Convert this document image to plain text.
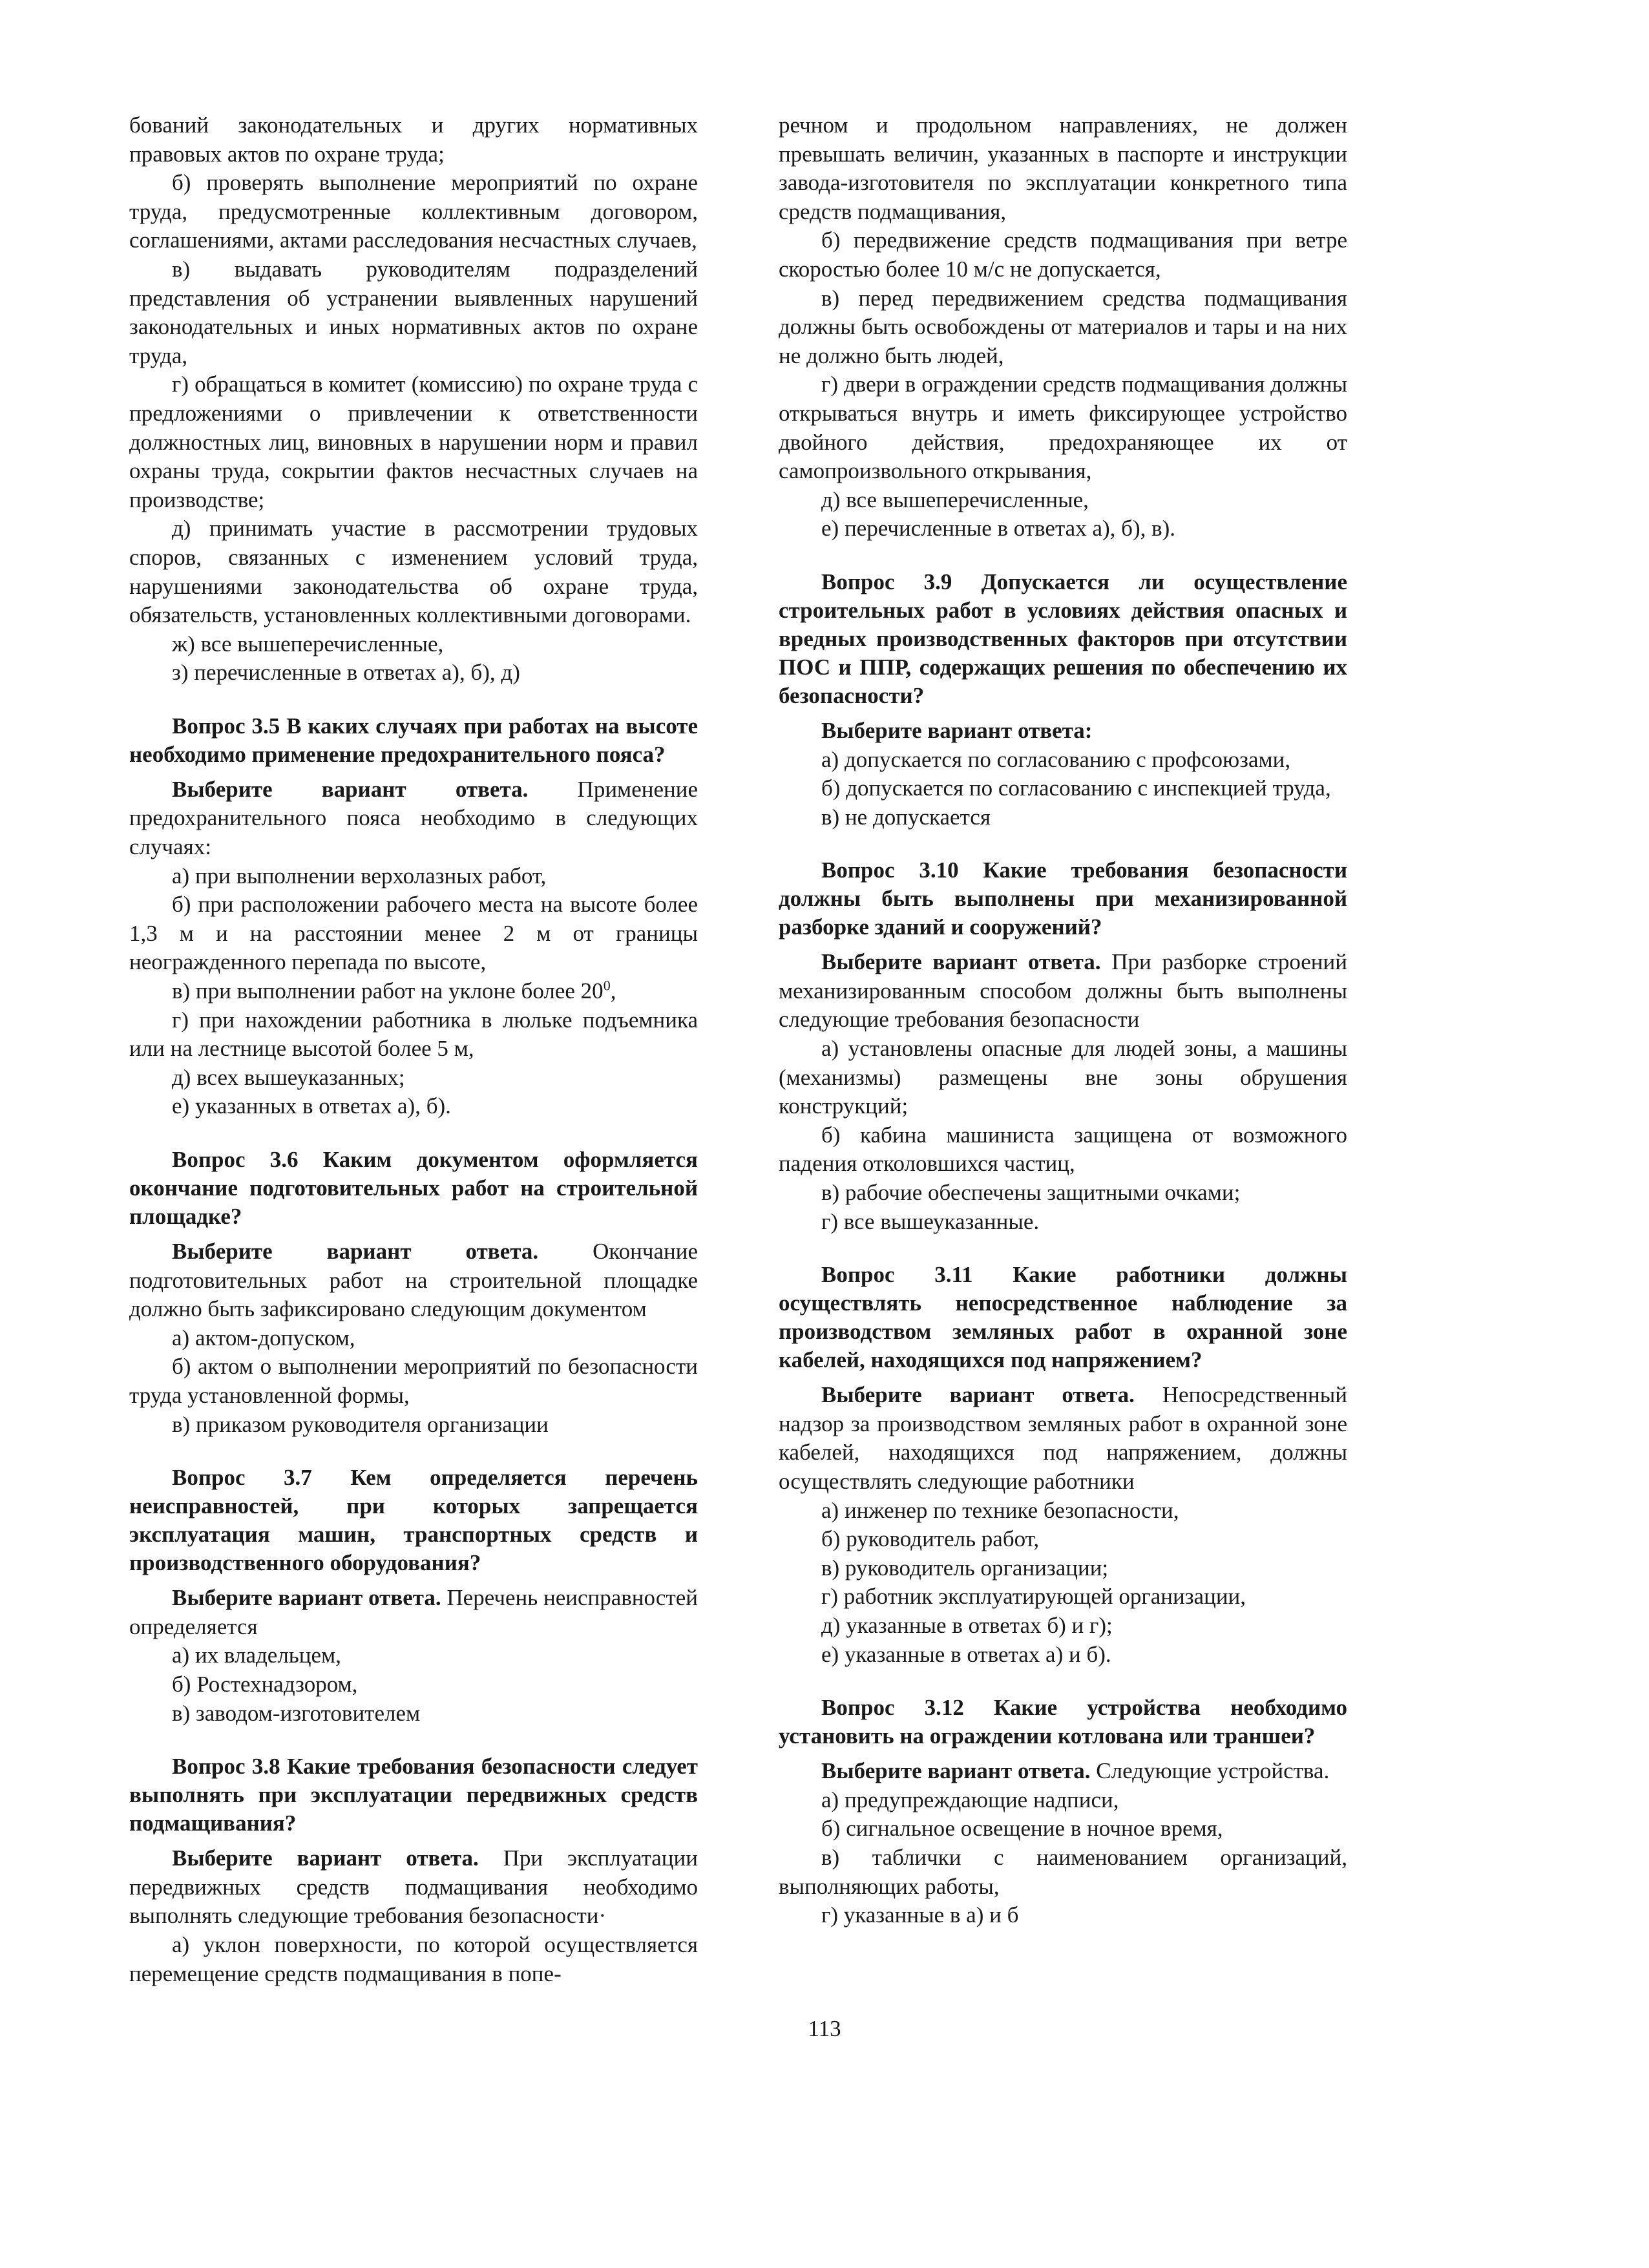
бований законодательных и других нормативных правовых актов по охране труда;

б) проверять выполнение мероприятий по охране труда, предусмотренные коллективным договором, соглашениями, актами расследования несчастных случаев,

в) выдавать руководителям подразделений представления об устранении выявленных нарушений законодательных и иных нормативных актов по охране труда,

г) обращаться в комитет (комиссию) по охране труда с предложениями о привлечении к ответственности должностных лиц, виновных в нарушении норм и правил охраны труда, сокрытии фактов несчастных случаев на производстве;

д) принимать участие в рассмотрении трудовых споров, связанных с изменением условий труда, нарушениями законодательства об охране труда, обязательств, установленных коллективными договорами.

ж) все вышеперечисленные,

з) перечисленные в ответах а), б), д)

Вопрос 3.5 В каких случаях при работах на высоте необходимо применение предохранительного пояса?

Выберите вариант ответа. Применение предохранительного пояса необходимо в следующих случаях:

а) при выполнении верхолазных работ,

б) при расположении рабочего места на высоте более 1,3 м и на расстоянии менее 2 м от границы неогражденного перепада по высоте,

в) при выполнении работ на уклоне более $20^0$,

г) при нахождении работника в люльке подъемника или на лестнице высотой более 5 м,

д) всех вышеуказанных;

е) указанных в ответах а), б).

Вопрос 3.6 Каким документом оформляется окончание подготовительных работ на строительной площадке?

Выберите вариант ответа. Окончание подготовительных работ на строительной площадке должно быть зафиксировано следующим документом

а) актом-допуском,

б) актом о выполнении мероприятий по безопасности труда установленной формы,

в) приказом руководителя организации

Вопрос 3.7 Кем определяется перечень неисправностей, при которых запрещается эксплуатация машин, транспортных средств и производственного оборудования?

Выберите вариант ответа. Перечень неисправностей определяется

а) их владельцем,

б) Ростехнадзором,

в) заводом-изготовителем

Вопрос 3.8 Какие требования безопасности следует выполнять при эксплуатации передвижных средств подмащивания?

Выберите вариант ответа. При эксплуатации передвижных средств подмащивания необходимо выполнять следующие требования безопасности·

а) уклон поверхности, по которой осуществляется перемещение средств подмащивания в попе-

речном и продольном направлениях, не должен превышать величин, указанных в паспорте и инструкции завода-изготовителя по эксплуатации конкретного типа средств подмащивания,

б) передвижение средств подмащивания при ветре скоростью более 10 м/с не допускается,

в) перед передвижением средства подмащивания должны быть освобождены от материалов и тары и на них не должно быть людей,

г) двери в ограждении средств подмащивания должны открываться внутрь и иметь фиксирующее устройство двойного действия, предохраняющее их от самопроизвольного открывания,

д) все вышеперечисленные,

е) перечисленные в ответах а), б), в).

Вопрос 3.9 Допускается ли осуществление строительных работ в условиях действия опасных и вредных производственных факторов при отсутствии ПОС и ППР, содержащих решения по обеспечению их безопасности?

Выберите вариант ответа:

а) допускается по согласованию с профсоюзами,

б) допускается по согласованию с инспекцией труда,

в) не допускается

Вопрос 3.10 Какие требования безопасности должны быть выполнены при механизированной разборке зданий и сооружений?

Выберите вариант ответа. При разборке строений механизированным способом должны быть выполнены следующие требования безопасности

а) установлены опасные для людей зоны, а машины (механизмы) размещены вне зоны обрушения конструкций;

б) кабина машиниста защищена от возможного падения отколовшихся частиц,

в) рабочие обеспечены защитными очками;

г) все вышеуказанные.

Вопрос 3.11 Какие работники должны осуществлять непосредственное наблюдение за производством земляных работ в охранной зоне кабелей, находящихся под напряжением?

Выберите вариант ответа. Непосредственный надзор за производством земляных работ в охранной зоне кабелей, находящихся под напряжением, должны осуществлять следующие работники

а) инженер по технике безопасности,

б) руководитель работ,

в) руководитель организации;

г) работник эксплуатирующей организации,

д) указанные в ответах б) и г);

е) указанные в ответах а) и б).

Вопрос 3.12 Какие устройства необходимо установить на ограждении котлована или траншеи?

Выберите вариант ответа. Следующие устройства.

а) предупреждающие надписи,

б) сигнальное освещение в ночное время,

в) таблички с наименованием организаций, выполняющих работы,

г) указанные в а) и б

113
